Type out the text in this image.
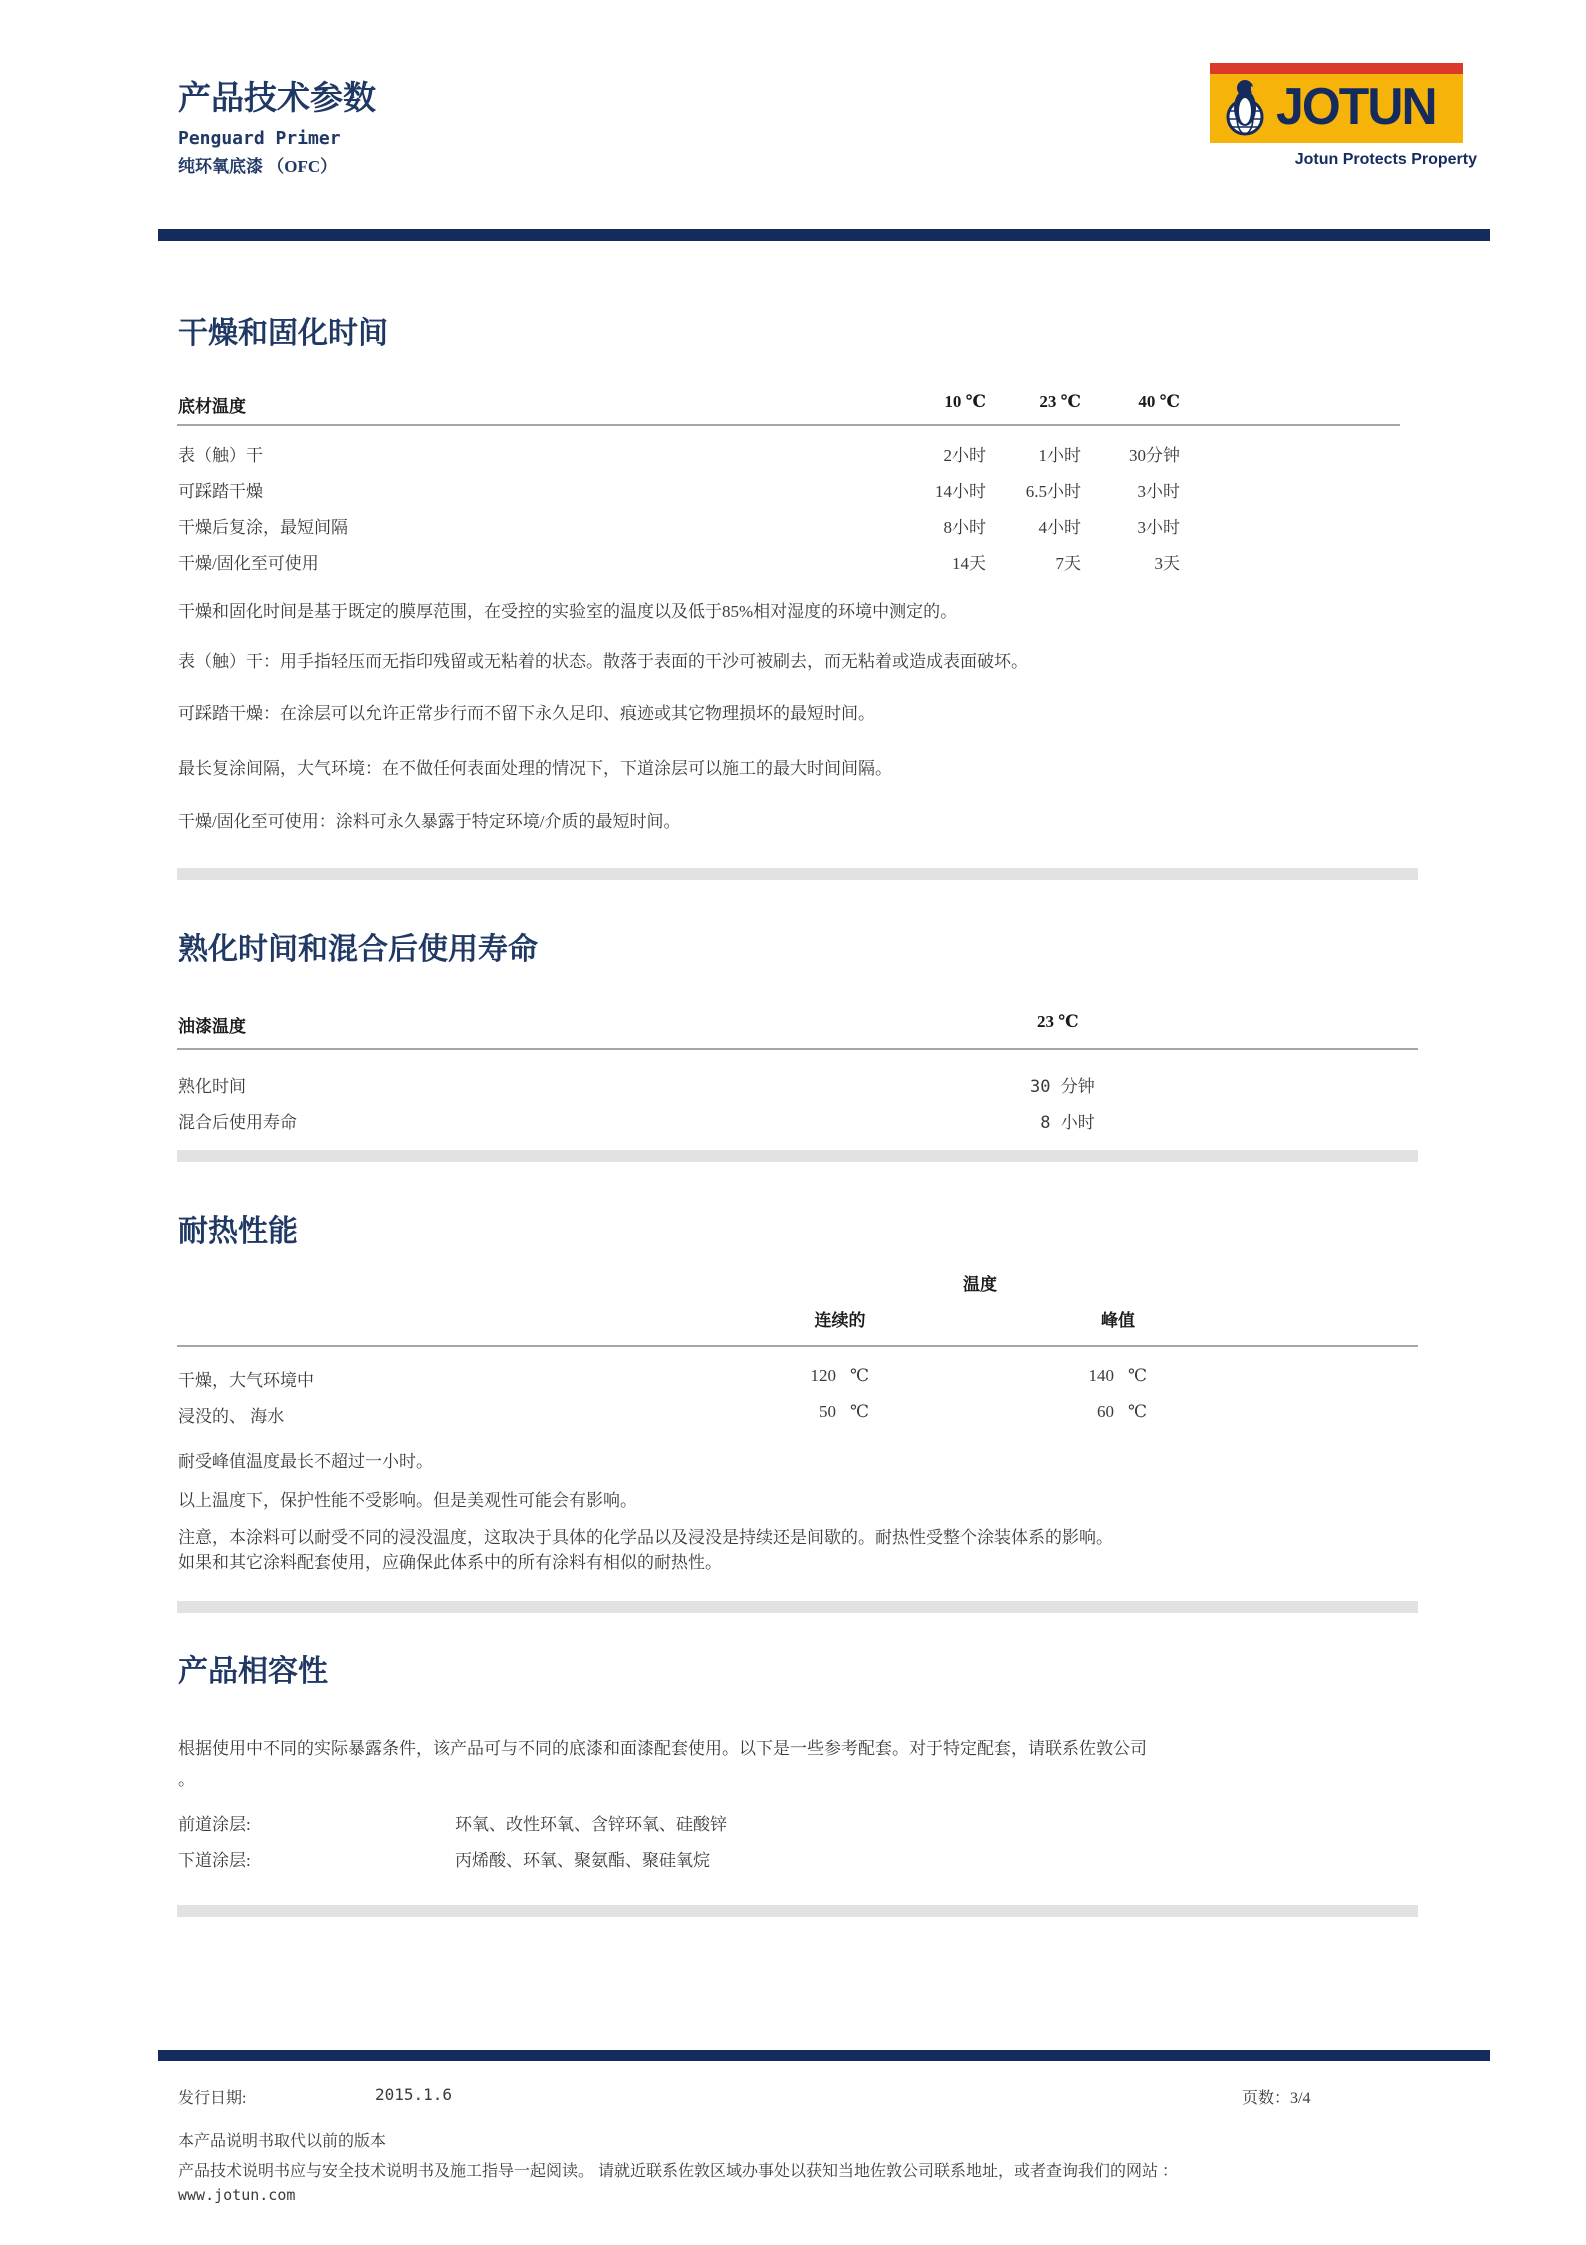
产品技术参数
Penguard Primer
纯环氧底漆 （OFC）
JOTUN
Jotun Protects Property
干燥和固化时间
底材温度	10 ℃	23 ℃	40 ℃
表（触）干	2小时	1小时	30分钟
可踩踏干燥	14小时	6.5小时	3小时
干燥后复涂，最短间隔	8小时	4小时	3小时
干燥/固化至可使用	14天	7天	3天
干燥和固化时间是基于既定的膜厚范围，在受控的实验室的温度以及低于85%相对湿度的环境中测定的。
表（触）干：用手指轻压而无指印残留或无粘着的状态。散落于表面的干沙可被刷去，而无粘着或造成表面破坏。
可踩踏干燥：在涂层可以允许正常步行而不留下永久足印、痕迹或其它物理损坏的最短时间。
最长复涂间隔，大气环境：在不做任何表面处理的情况下，下道涂层可以施工的最大时间间隔。
干燥/固化至可使用：涂料可永久暴露于特定环境/介质的最短时间。
熟化时间和混合后使用寿命
油漆温度	23 ℃
熟化时间	30 分钟
混合后使用寿命	8 小时
耐热性能
温度
连续的	峰值
干燥，大气环境中	120 ℃	140 ℃
浸没的、 海水	50 ℃	60 ℃
耐受峰值温度最长不超过一小时。
以上温度下，保护性能不受影响。但是美观性可能会有影响。
注意，本涂料可以耐受不同的浸没温度，这取决于具体的化学品以及浸没是持续还是间歇的。耐热性受整个涂装体系的影响。
如果和其它涂料配套使用，应确保此体系中的所有涂料有相似的耐热性。
产品相容性
根据使用中不同的实际暴露条件，该产品可与不同的底漆和面漆配套使用。以下是一些参考配套。对于特定配套，请联系佐敦公司
。
前道涂层:	环氧、改性环氧、含锌环氧、硅酸锌
下道涂层:	丙烯酸、环氧、聚氨酯、聚硅氧烷
发行日期:	2015.1.6	页数：3/4
本产品说明书取代以前的版本
产品技术说明书应与安全技术说明书及施工指导一起阅读。 请就近联系佐敦区域办事处以获知当地佐敦公司联系地址，或者查询我们的网站 ：
www.jotun.com
